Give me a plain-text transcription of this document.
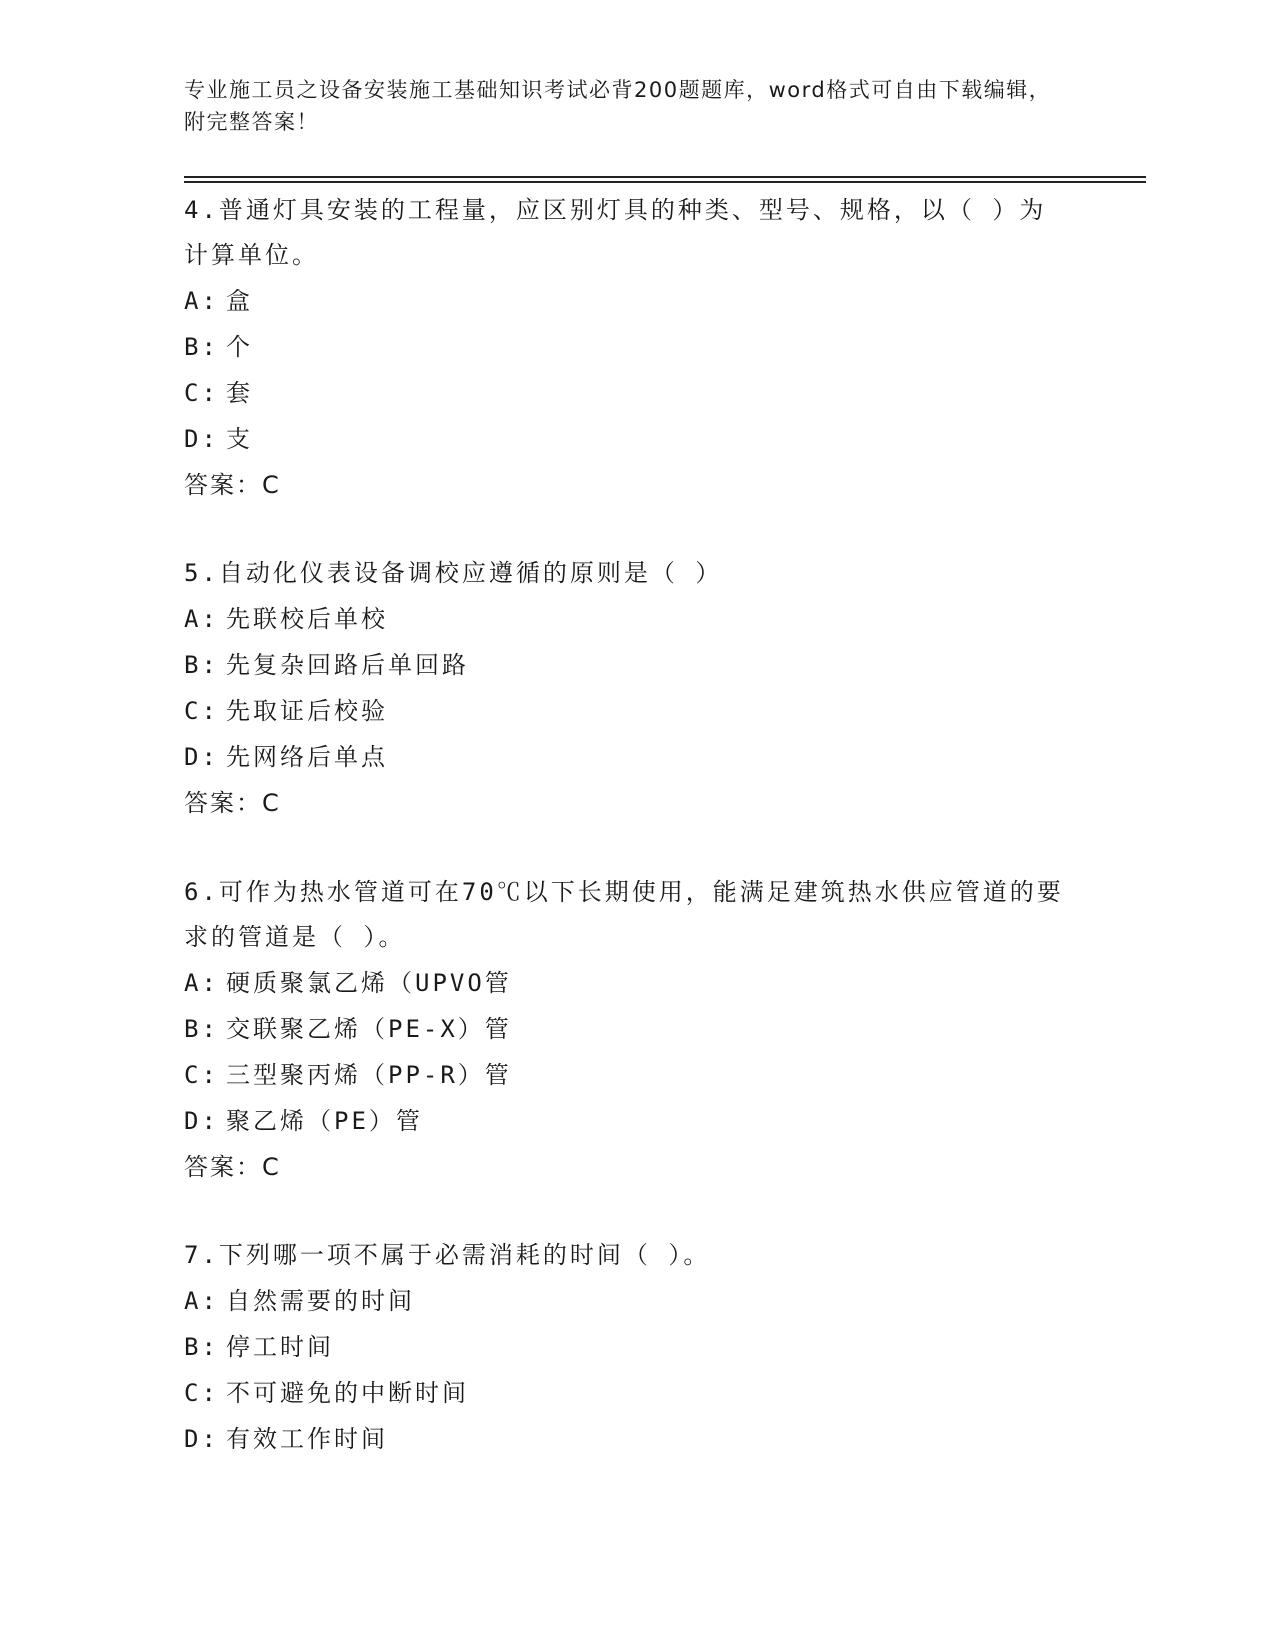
专业施工员之设备安装施工基础知识考试必背200题题库，word格式可自由下载编辑，附完整答案！

4.普通灯具安装的工程量，应区别灯具的种类、型号、规格，以（ ）为计算单位。

A: 盒
B: 个
C: 套
D: 支
答案：C

5.自动化仪表设备调校应遵循的原则是（ ）

A: 先联校后单校
B: 先复杂回路后单回路
C: 先取证后校验
D: 先网络后单点
答案：C

6.可作为热水管道可在70℃以下长期使用，能满足建筑热水供应管道的要求的管道是（ ）。

A: 硬质聚氯乙烯（UPVO管
B: 交联聚乙烯（PE-X）管
C: 三型聚丙烯（PP-R）管
D: 聚乙烯（PE）管
答案：C

7.下列哪一项不属于必需消耗的时间（ ）。

A: 自然需要的时间
B: 停工时间
C: 不可避免的中断时间
D: 有效工作时间
